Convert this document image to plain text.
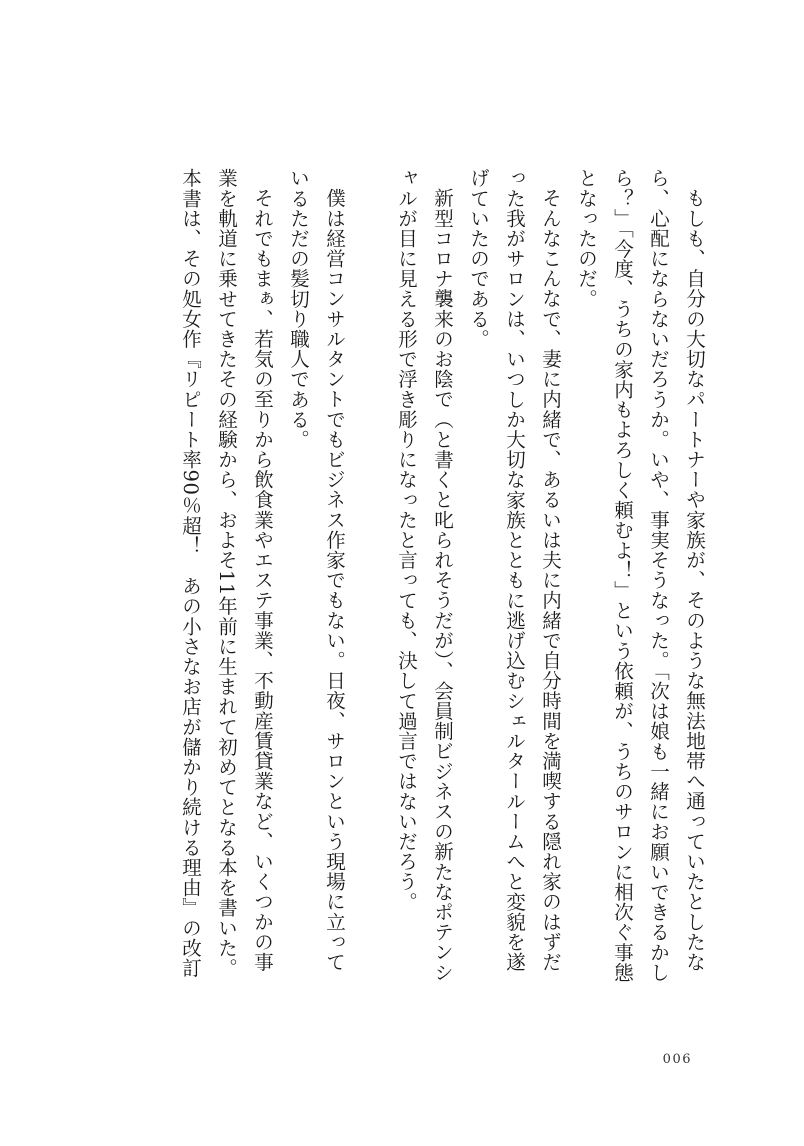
もしも、自分の大切なパートナーや家族が、そのような無法地帯へ通っていたとしたなら、心配にならないだろうか。いや、事実そうなった。「次は娘も一緒にお願いできるかしら？」「今度、うちの家内もよろしく頼むよ！」という依頼が、うちのサロンに相次ぐ事態となったのだ。

そんなこんなで、妻に内緒で、あるいは夫に内緒で自分時間を満喫する隠れ家のはずだった我がサロンは、いつしか大切な家族とともに逃げ込むシェルタールームへと変貌を遂げていたのである。

新型コロナ襲来のお陰で（と書くと叱られそうだが）、会員制ビジネスの新たなポテンシャルが目に見える形で浮き彫りになったと言っても、決して過言ではないだろう。

僕は経営コンサルタントでもビジネス作家でもない。日夜、サロンという現場に立っているただの髪切り職人である。

それでもまぁ、若気の至りから飲食業やエステ事業、不動産賃貸業など、いくつかの事業を軌道に乗せてきたその経験から、およそ11年前に生まれて初めてとなる本を書いた。

本書は、その処女作『リピート率90％超！　あの小さなお店が儲かり続ける理由』の改訂

006
